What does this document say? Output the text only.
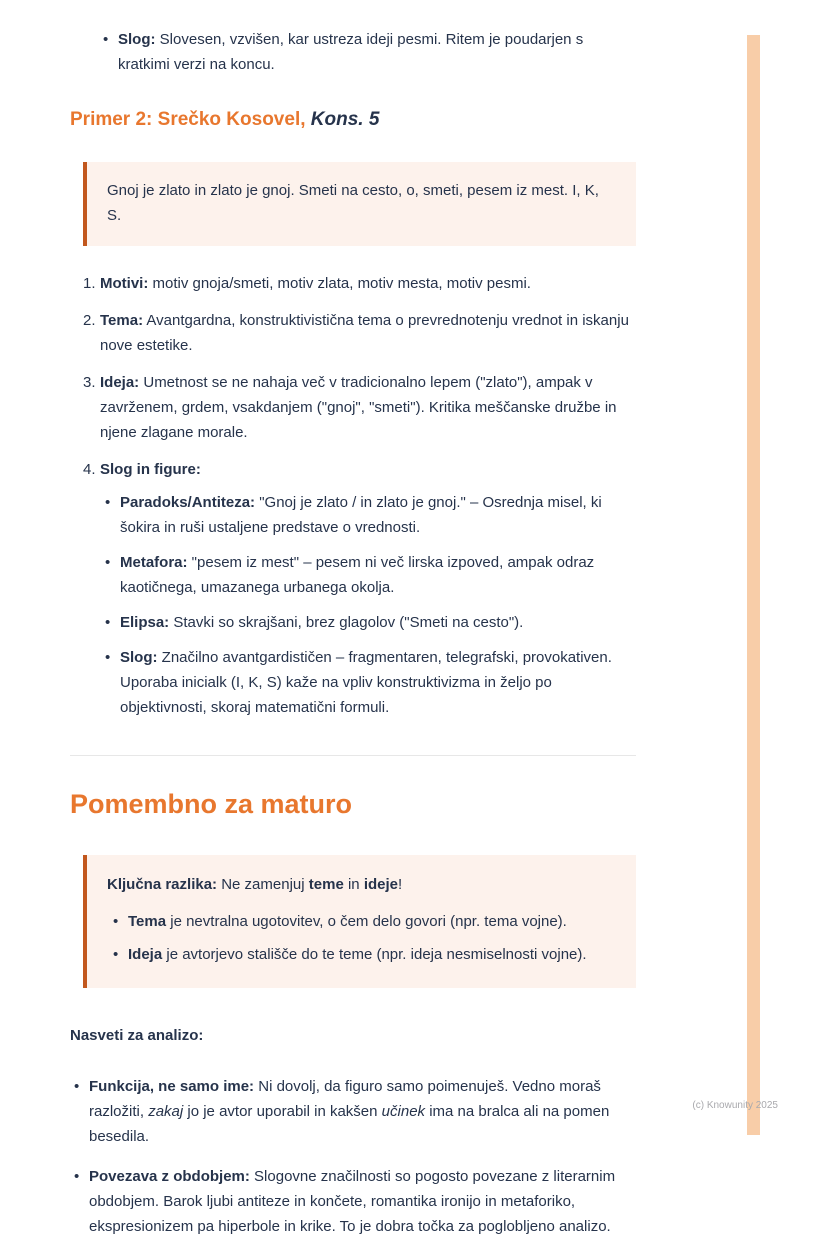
(c) Knowunity 2025
• Slog: Slovesen, vzvišen, kar ustreza ideji pesmi. Ritem je poudarjen s kratkimi verzi na koncu.
Primer 2: Srečko Kosovel, Kons. 5

Gnoj je zlato in zlato je gnoj. Smeti na cesto, o, smeti, pesem iz mest. I, K, S.

Motivi: motiv gnoja/smeti, motiv zlata, motiv mesta, motiv pesmi.
Tema: Avantgardna, konstruktivistična tema o prevrednotenju vrednot in iskanju nove estetike.
Ideja: Umetnost se ne nahaja več v tradicionalno lepem ("zlato"), ampak v zavrženem, grdem, vsakdanjem ("gnoj", "smeti"). Kritika meščanske družbe in njene zlagane morale.
Slog in figure:
• Paradoks/Antiteza: "Gnoj je zlato / in zlato je gnoj." – Osrednja misel, ki šokira in ruši ustaljene predstave o vrednosti.
• Metafora: "pesem iz mest" – pesem ni več lirska izpoved, ampak odraz kaotičnega, umazanega urbanega okolja.
• Elipsa: Stavki so skrajšani, brez glagolov ("Smeti na cesto").
• Slog: Značilno avantgardističen – fragmentaren, telegrafski, provokativen. Uporaba inicialk (I, K, S) kaže na vpliv konstruktivizma in željo po objektivnosti, skoraj matematični formuli.
Pomembno za maturo

Ključna razlika: Ne zamenjuj teme in ideje!

• Tema je nevtralna ugotovitev, o čem delo govori (npr. tema vojne).
• Ideja je avtorjevo stališče do te teme (npr. ideja nesmiselnosti vojne).

Nasveti za analizo:

• Funkcija, ne samo ime: Ni dovolj, da figuro samo poimenuješ. Vedno moraš razložiti, zakaj jo je avtor uporabil in kakšen učinek ima na bralca ali na pomen besedila.
• Povezava z obdobjem: Slogovne značilnosti so pogosto povezane z literarnim obdobjem. Barok ljubi antiteze in končete, romantika ironijo in metaforiko, ekspresionizem pa hiperbole in krike. To je dobra točka za poglobljeno analizo.
